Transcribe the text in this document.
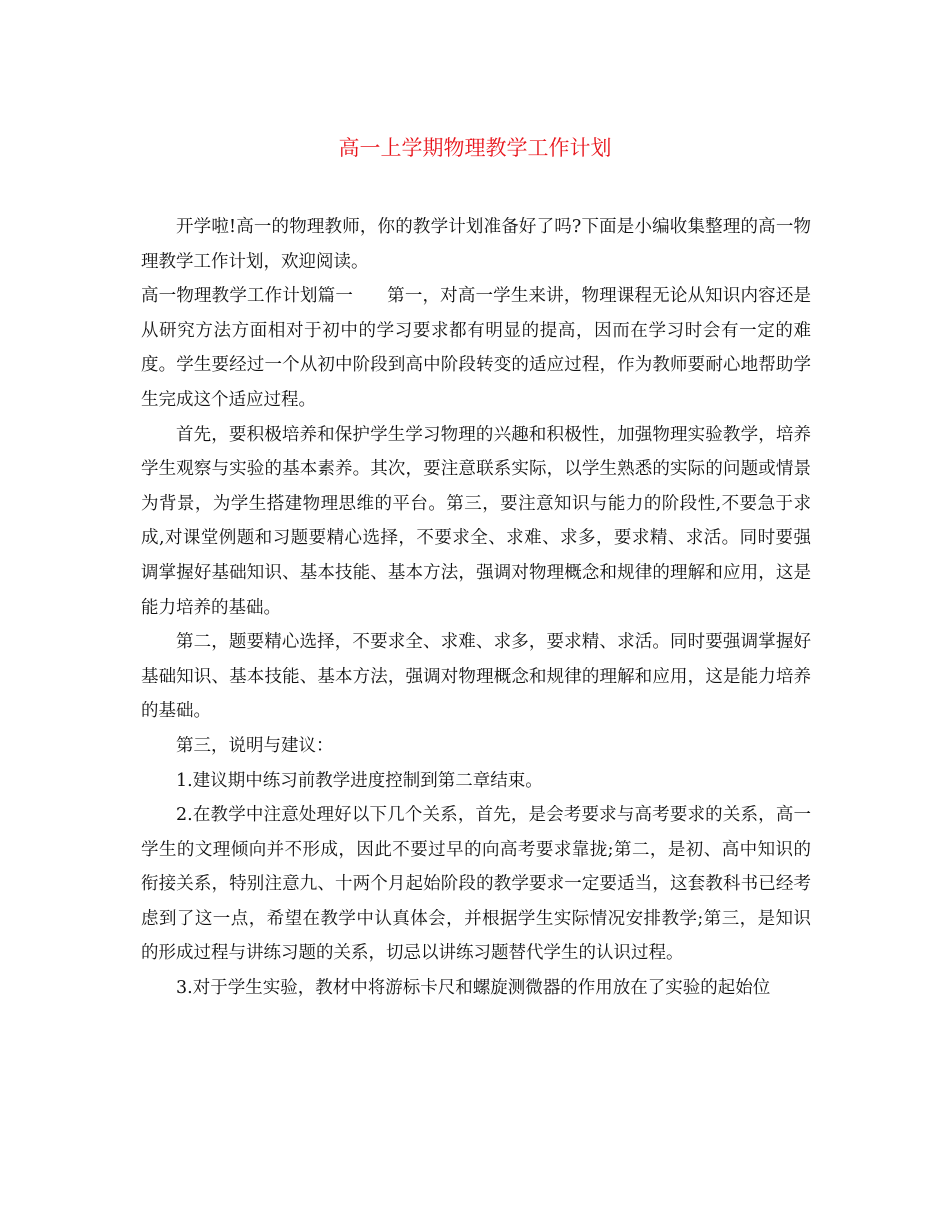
高一上学期物理教学工作计划

开学啦!高一的物理教师，你的教学计划准备好了吗?下面是小编收集整理的高一物理教学工作计划，欢迎阅读。

高一物理教学工作计划篇一 第一，对高一学生来讲，物理课程无论从知识内容还是从研究方法方面相对于初中的学习要求都有明显的提高，因而在学习时会有一定的难度。学生要经过一个从初中阶段到高中阶段转变的适应过程，作为教师要耐心地帮助学生完成这个适应过程。

首先，要积极培养和保护学生学习物理的兴趣和积极性，加强物理实验教学，培养学生观察与实验的基本素养。其次，要注意联系实际，以学生熟悉的实际的问题或情景为背景，为学生搭建物理思维的平台。第三，要注意知识与能力的阶段性,不要急于求成,对课堂例题和习题要精心选择，不要求全、求难、求多，要求精、求活。同时要强调掌握好基础知识、基本技能、基本方法，强调对物理概念和规律的理解和应用，这是能力培养的基础。

第二，题要精心选择，不要求全、求难、求多，要求精、求活。同时要强调掌握好基础知识、基本技能、基本方法，强调对物理概念和规律的理解和应用，这是能力培养的基础。

第三，说明与建议：

1.建议期中练习前教学进度控制到第二章结束。

2.在教学中注意处理好以下几个关系，首先，是会考要求与高考要求的关系，高一学生的文理倾向并不形成，因此不要过早的向高考要求靠拢;第二，是初、高中知识的衔接关系，特别注意九、十两个月起始阶段的教学要求一定要适当，这套教科书已经考虑到了这一点，希望在教学中认真体会，并根据学生实际情况安排教学;第三，是知识的形成过程与讲练习题的关系，切忌以讲练习题替代学生的认识过程。

3.对于学生实验，教材中将游标卡尺和螺旋测微器的作用放在了实验的起始位
